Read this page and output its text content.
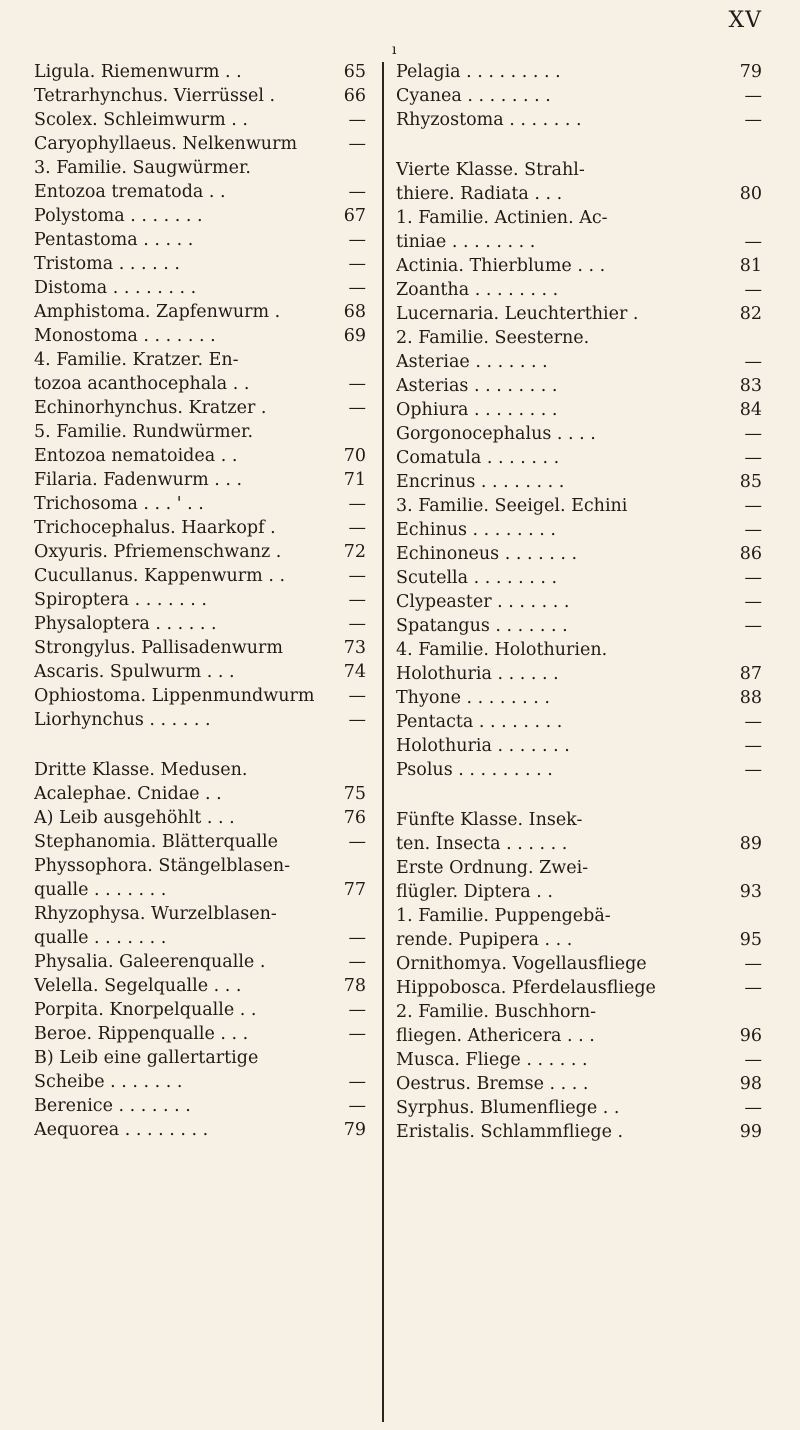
XV
ı
Ligula. Riemenwurm . .	65
Tetrarhynchus. Vierrüssel .	66
Scolex. Schleimwurm . .	—
Caryophyllaeus. Nelkenwurm	—
3. Familie. Saugwürmer.
Entozoa trematoda . .	—
Polystoma . . . . . . .	67
Pentastoma . . . . .	—
Tristoma . . . . . .	—
Distoma . . . . . . . .	—
Amphistoma. Zapfenwurm .	68
Monostoma . . . . . . .	69
4. Familie. Kratzer. En-
tozoa acanthocephala . .	—
Echinorhynchus. Kratzer .	—
5. Familie. Rundwürmer.
Entozoa nematoidea . .	70
Filaria. Fadenwurm . . .	71
Trichosoma . . . ' . .	—
Trichocephalus. Haarkopf .	—
Oxyuris. Pfriemenschwanz .	72
Cucullanus. Kappenwurm . .	—
Spiroptera . . . . . . .	—
Physaloptera . . . . . .	—
Strongylus. Pallisadenwurm	73
Ascaris. Spulwurm . . .	74
Ophiostoma. Lippenmundwurm	—
Liorhynchus . . . . . .	—
Dritte Klasse. Medusen.
Acalephae. Cnidae . .	75
A) Leib ausgehöhlt . . .	76
Stephanomia. Blätterqualle	—
Physsophora. Stängelblasen-
qualle . . . . . . .	77
Rhyzophysa. Wurzelblasen-
qualle . . . . . . .	—
Physalia. Galeerenqualle .	—
Velella. Segelqualle . . .	78
Porpita. Knorpelqualle . .	—
Beroe. Rippenqualle . . .	—
B) Leib eine gallertartige
Scheibe . . . . . . .	—
Berenice . . . . . . .	—
Aequorea . . . . . . . .	79
Pelagia . . . . . . . . .	79
Cyanea . . . . . . . .	—
Rhyzostoma . . . . . . .	—
Vierte Klasse. Strahl-
thiere. Radiata . . .	80
1. Familie. Actinien. Ac-
tiniae . . . . . . . .	—
Actinia. Thierblume . . .	81
Zoantha . . . . . . . .	—
Lucernaria. Leuchterthier .	82
2. Familie. Seesterne.
Asteriae . . . . . . .	—
Asterias . . . . . . . .	83
Ophiura . . . . . . . .	84
Gorgonocephalus . . . .	—
Comatula . . . . . . .	—
Encrinus . . . . . . . .	85
3. Familie. Seeigel. Echini	—
Echinus . . . . . . . .	—
Echinoneus . . . . . . .	86
Scutella . . . . . . . .	—
Clypeaster . . . . . . .	—
Spatangus . . . . . . .	—
4. Familie. Holothurien.
Holothuria . . . . . .	87
Thyone . . . . . . . .	88
Pentacta . . . . . . . .	—
Holothuria . . . . . . .	—
Psolus . . . . . . . . .	—
Fünfte Klasse. Insek-
ten. Insecta . . . . . .	89
Erste Ordnung. Zwei-
flügler. Diptera . .	93
1. Familie. Puppengebä-
rende. Pupipera . . .	95
Ornithomya. Vogellausfliege	—
Hippobosca. Pferdelausfliege	—
2. Familie. Buschhorn-
fliegen. Athericera . . .	96
Musca. Fliege . . . . . .	—
Oestrus. Bremse . . . .	98
Syrphus. Blumenfliege . .	—
Eristalis. Schlammfliege .	99
